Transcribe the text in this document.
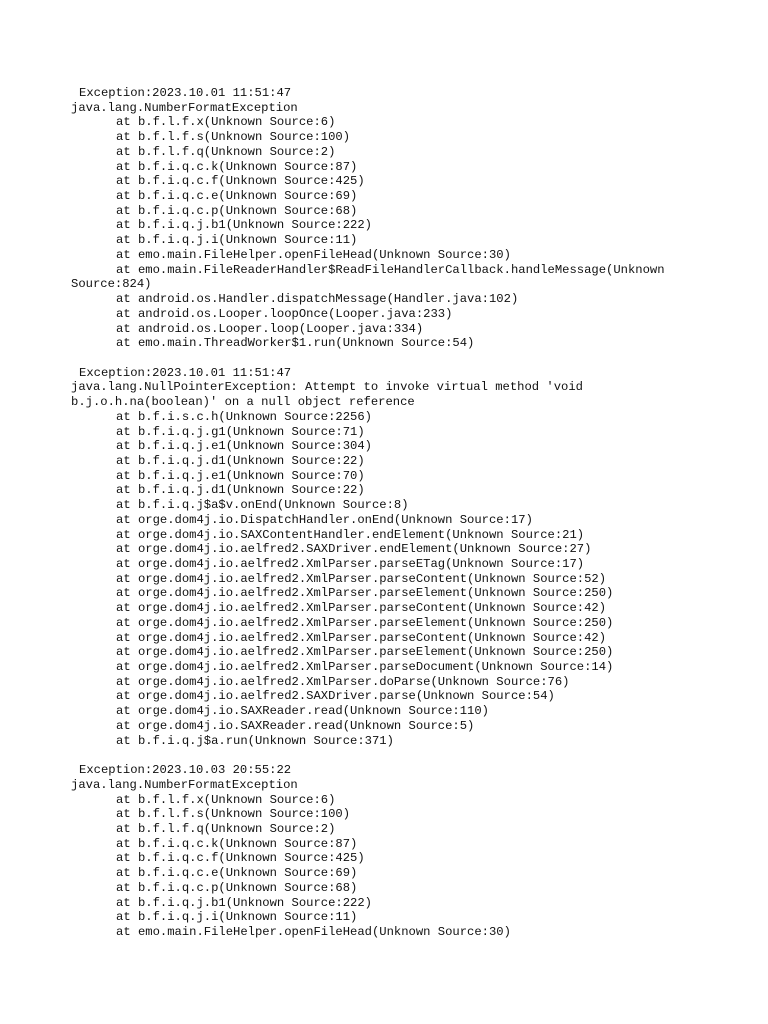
Exception:2023.10.01 11:51:47
java.lang.NumberFormatException
at b.f.l.f.x(Unknown Source:6)
at b.f.l.f.s(Unknown Source:100)
at b.f.l.f.q(Unknown Source:2)
at b.f.i.q.c.k(Unknown Source:87)
at b.f.i.q.c.f(Unknown Source:425)
at b.f.i.q.c.e(Unknown Source:69)
at b.f.i.q.c.p(Unknown Source:68)
at b.f.i.q.j.b1(Unknown Source:222)
at b.f.i.q.j.i(Unknown Source:11)
at emo.main.FileHelper.openFileHead(Unknown Source:30)
at emo.main.FileReaderHandler$ReadFileHandlerCallback.handleMessage(Unknown
Source:824)
at android.os.Handler.dispatchMessage(Handler.java:102)
at android.os.Looper.loopOnce(Looper.java:233)
at android.os.Looper.loop(Looper.java:334)
at emo.main.ThreadWorker$1.run(Unknown Source:54)
Exception:2023.10.01 11:51:47
java.lang.NullPointerException: Attempt to invoke virtual method 'void
b.j.o.h.na(boolean)' on a null object reference
at b.f.i.s.c.h(Unknown Source:2256)
at b.f.i.q.j.g1(Unknown Source:71)
at b.f.i.q.j.e1(Unknown Source:304)
at b.f.i.q.j.d1(Unknown Source:22)
at b.f.i.q.j.e1(Unknown Source:70)
at b.f.i.q.j.d1(Unknown Source:22)
at b.f.i.q.j$a$v.onEnd(Unknown Source:8)
at orge.dom4j.io.DispatchHandler.onEnd(Unknown Source:17)
at orge.dom4j.io.SAXContentHandler.endElement(Unknown Source:21)
at orge.dom4j.io.aelfred2.SAXDriver.endElement(Unknown Source:27)
at orge.dom4j.io.aelfred2.XmlParser.parseETag(Unknown Source:17)
at orge.dom4j.io.aelfred2.XmlParser.parseContent(Unknown Source:52)
at orge.dom4j.io.aelfred2.XmlParser.parseElement(Unknown Source:250)
at orge.dom4j.io.aelfred2.XmlParser.parseContent(Unknown Source:42)
at orge.dom4j.io.aelfred2.XmlParser.parseElement(Unknown Source:250)
at orge.dom4j.io.aelfred2.XmlParser.parseContent(Unknown Source:42)
at orge.dom4j.io.aelfred2.XmlParser.parseElement(Unknown Source:250)
at orge.dom4j.io.aelfred2.XmlParser.parseDocument(Unknown Source:14)
at orge.dom4j.io.aelfred2.XmlParser.doParse(Unknown Source:76)
at orge.dom4j.io.aelfred2.SAXDriver.parse(Unknown Source:54)
at orge.dom4j.io.SAXReader.read(Unknown Source:110)
at orge.dom4j.io.SAXReader.read(Unknown Source:5)
at b.f.i.q.j$a.run(Unknown Source:371)
Exception:2023.10.03 20:55:22
java.lang.NumberFormatException
at b.f.l.f.x(Unknown Source:6)
at b.f.l.f.s(Unknown Source:100)
at b.f.l.f.q(Unknown Source:2)
at b.f.i.q.c.k(Unknown Source:87)
at b.f.i.q.c.f(Unknown Source:425)
at b.f.i.q.c.e(Unknown Source:69)
at b.f.i.q.c.p(Unknown Source:68)
at b.f.i.q.j.b1(Unknown Source:222)
at b.f.i.q.j.i(Unknown Source:11)
at emo.main.FileHelper.openFileHead(Unknown Source:30)
